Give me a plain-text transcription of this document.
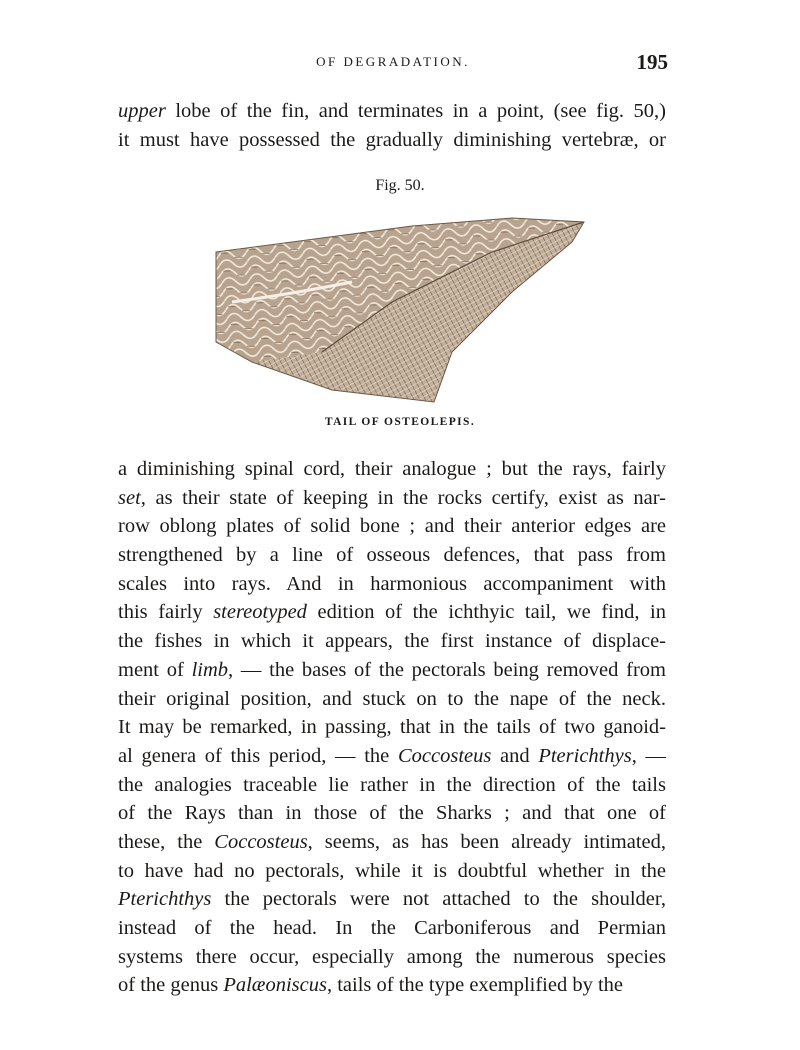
OF DEGRADATION.	195
upper lobe of the fin, and terminates in a point, (see fig. 50,)
it must have possessed the gradually diminishing vertebræ, or
Fig. 50.
TAIL OF OSTEOLEPIS.
a diminishing spinal cord, their analogue ; but the rays, fairly
set, as their state of keeping in the rocks certify, exist as nar-
row oblong plates of solid bone ; and their anterior edges are
strengthened by a line of osseous defences, that pass from
scales into rays. And in harmonious accompaniment with
this fairly stereotyped edition of the ichthyic tail, we find, in
the fishes in which it appears, the first instance of displace-
ment of limb, — the bases of the pectorals being removed from
their original position, and stuck on to the nape of the neck.
It may be remarked, in passing, that in the tails of two ganoid-
al genera of this period, — the Coccosteus and Pterichthys, —
the analogies traceable lie rather in the direction of the tails
of the Rays than in those of the Sharks ; and that one of
these, the Coccosteus, seems, as has been already intimated,
to have had no pectorals, while it is doubtful whether in the
Pterichthys the pectorals were not attached to the shoulder,
instead of the head. In the Carboniferous and Permian
systems there occur, especially among the numerous species
of the genus Palæoniscus, tails of the type exemplified by the
